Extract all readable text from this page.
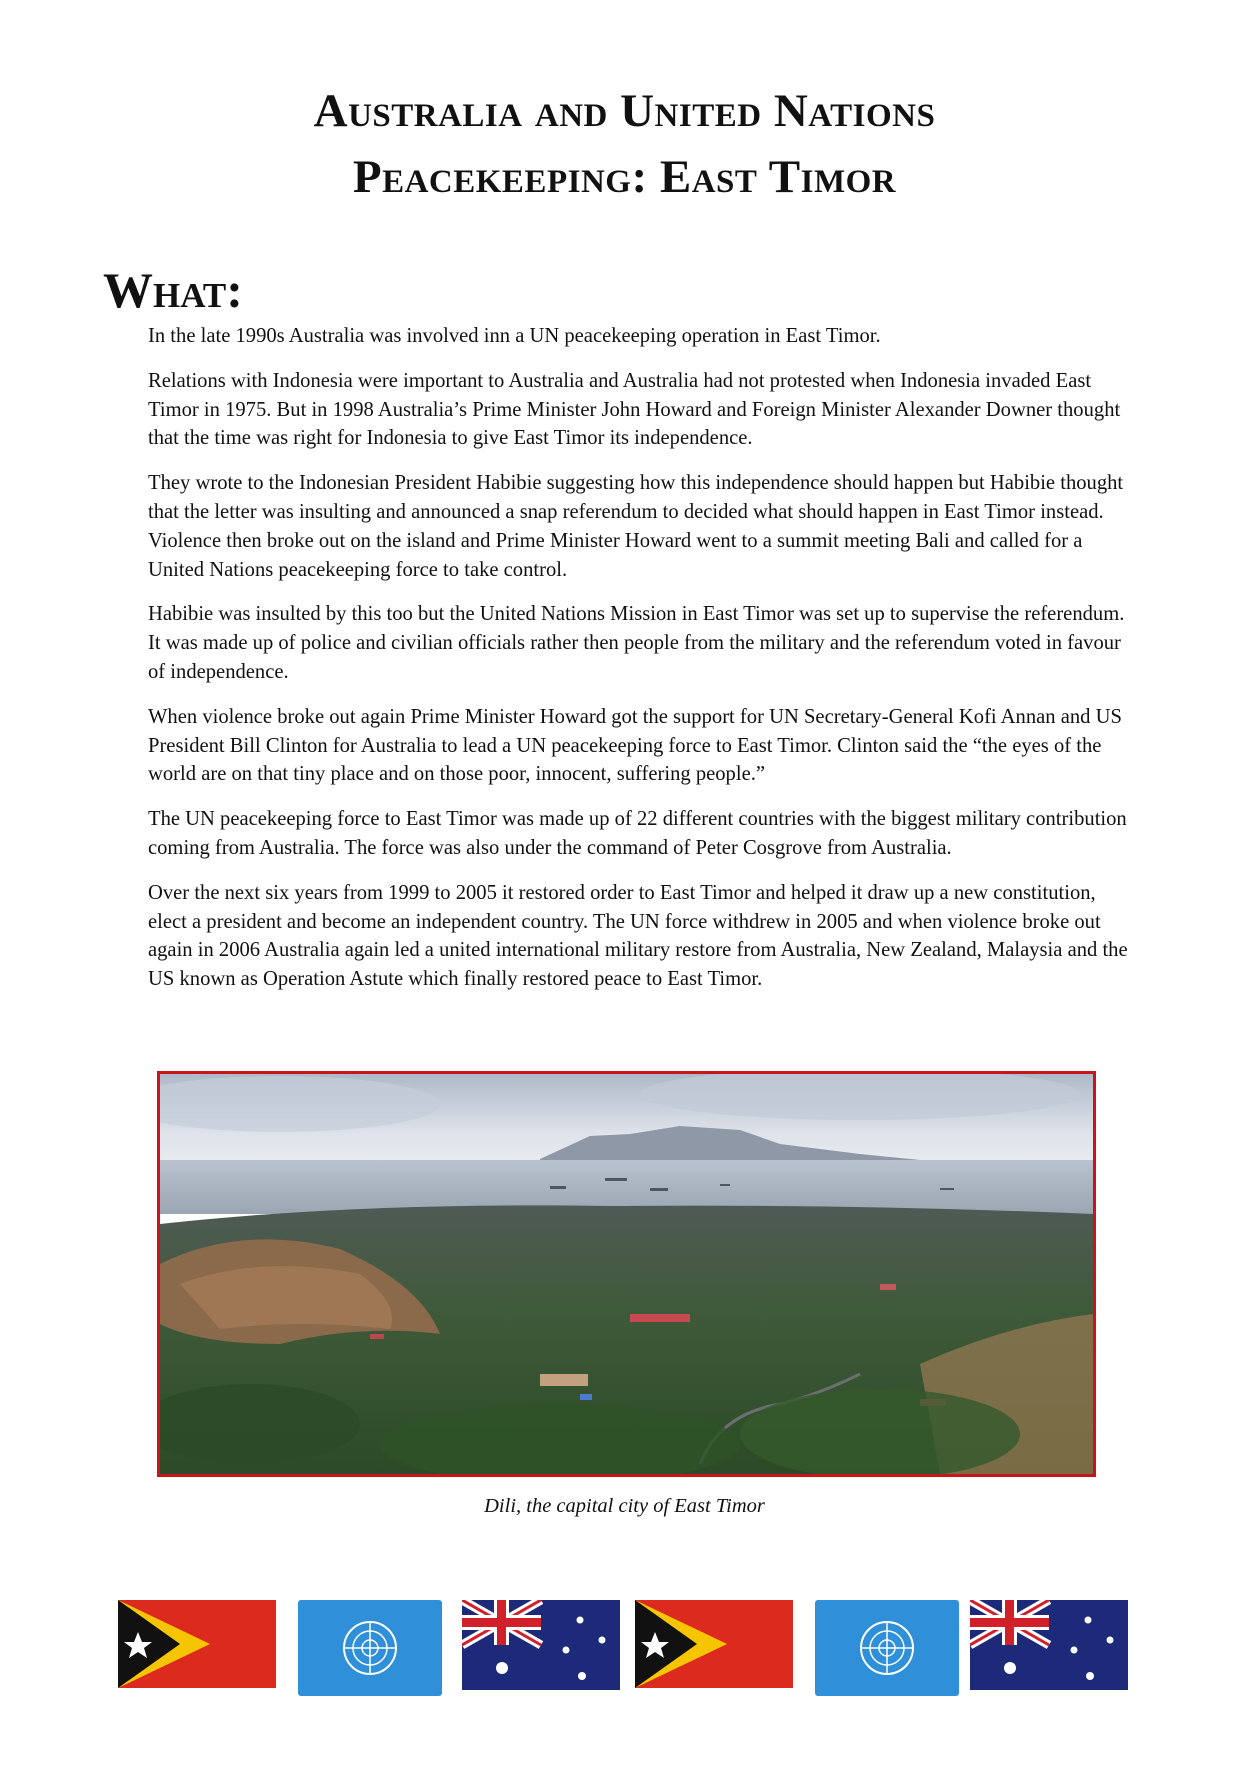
Australia and United Nations
Peacekeeping: East Timor
What:

In the late 1990s Australia was involved inn a UN peacekeeping operation in East Timor.

Relations with Indonesia were important to Australia and Australia had not protested when Indonesia invaded East Timor in 1975. But in 1998 Australia’s Prime Minister John Howard and Foreign Minister Alexander Downer thought that the time was right for Indonesia to give East Timor its independence.

They wrote to the Indonesian President Habibie suggesting how this independence should happen but Habibie thought that the letter was insulting and announced a snap referendum to decided what should happen in East Timor instead. Violence then broke out on the island and Prime Minister Howard went to a summit meeting Bali and called for a United Nations peacekeeping force to take control.

Habibie was insulted by this too but the United Nations Mission in East Timor was set up to supervise the referendum. It was made up of police and civilian officials rather then people from the military and the referendum voted in favour of independence.

When violence broke out again Prime Minister Howard got the support for UN Secretary-General Kofi Annan and US President Bill Clinton for Australia to lead a UN peacekeeping force to East Timor. Clinton said the “the eyes of the world are on that tiny place and on those poor, innocent, suffering people.”

The UN peacekeeping force to East Timor was made up of 22 different countries with the biggest military contribution coming from Australia. The force was also under the command of Peter Cosgrove from Australia.

Over the next six years from 1999 to 2005 it restored order to East Timor and helped it draw up a new constitution, elect a president and become an independent country. The UN force withdrew in 2005 and when violence broke out again in 2006 Australia again led a united international military restore from Australia, New Zealand, Malaysia and the US known as Operation Astute which finally restored peace to East Timor.

Dili, the capital city of East Timor
